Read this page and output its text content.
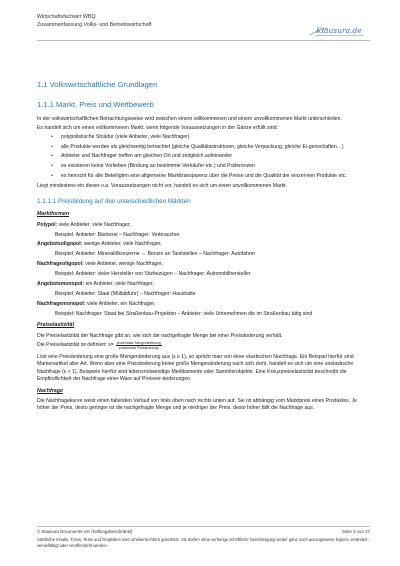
Wirtschaftsfachwirt WBQ
Zusammenfassung Volks- und Betriebswirtschaft
Klausura.de
1.1 Volkswirtschaftliche Grundlagen
1.1.1 Markt, Preis und Wettbewerb

In der volkswirtschaftlichen Betrachtungsweise wird zwischen einem vollkommenen und einem unvollkommenen Markt unterschieden.

Es handelt sich um einen vollkommenen Markt, wenn folgende Voraussetzungen in der Gänze erfüllt sind:

• polypolistische Struktur (viele Anbieter, viele Nachfrager)
• alle Produkte werden als gleichwertig betrachtet (gleiche Qualitätsstrukturen, gleiche Verpackung, gleiche Ei-genschaften…)
• Anbieter und Nachfrager treffen am gleichen Ort und zeitgleich aufeinander
• es existieren keine Vorlieben (Bindung an bestimmte Verkäufer etc.) und Präferenzen
• es herrscht für alle Beteiligten eine allgemeine Markttransparenz über die Preise und die Qualität der einzel-nen Produkte etc.

Liegt mindestens ein dieser o.a. Voraussetzungen nicht vor, handelt es sich um einen unvollkommenen Markt.

1.1.1.1 Preisbildung auf den unterschiedlichen Märkten
Marktformen

Polypol: viele Anbieter, viele Nachfrager,

Beispiel: Anbieter: Bäckerei – Nachfrager: Verbraucher

Angebotsoligopol: wenige Anbieter, viele Nachfrager,

Beispiel: Anbieter: Mineralölkonzerne ⇔ Benzin an Tankstellen – Nachfrager: Autofahrer

Nachfrageoligopol: viele Anbieter, wenige Nachfrager,

Beispiel: Anbieter: vieler Hersteller von Sitzbezügen – Nachfrager: Automobilhersteller

Angebotsmonopol: ein Anbieter, viele Nachfrager,

Beispiel: Anbieter: Staat (Müllabfuhr) – Nachfrager: Haushalte

Nachfragemonopol: viele Anbieter, ein Nachfrager,

Beispiel: Nachfrager: Staat bei Straßenbau-Projekten – Anbieter: viele Unternehmen die im Straßenbau tätig sind

Preiselastizität

Die Preiselastizität der Nachfrage gibt an, wie sich die nachgefragte Menge bei einer Preisänderung verhält.

Die Preiselastizität ist definiert: $\varepsilon= \frac{\text{prozentuale Mengenänderung}}{\text{prozentuale Preisänderung}}$

Löst eine Preisänderung eine große Mengenänderung aus (ε ≥ 1), so spricht man von einer elastischen Nachfrage. Ein Beispiel hierfür sind Markenartikel aller Art. Wenn aber eine Preisänderung keine große Mengenänderung nach sich zieht, handelt es sich um eine unelastische Nachfrage (ε < 1). Beispiele hierfür sind lebensnotwendige Medikamente oder Sammlerobjekte. Eine Kreuzpreiselastizität beschreibt die Empfindlichkeit der Nachfrage einer Ware auf Preisver-änderungen.

Nachfrage

Die Nachfragekurve weist einen fallenden Verlauf von links oben nach rechts unten auf. Sie ist abhängig vom Marktpreis eines Produktes. Je höher der Preis, desto geringer ist die nachgefragte Menge und je niedriger der Preis, desto höher fällt die Nachfrage aus.

© Klausura Documents UG (haftungsbeschränkt)	Seite 3 von 27
Sämtliche Inhalte, Fotos, Texte und Graphiken sind urheberrechtlich geschützt. Sie dürfen ohne vorherige schriftliche Genehmigung weder ganz noch auszugsweise kopiert, verändert, vervielfältigt oder veröffentlicht werden.
